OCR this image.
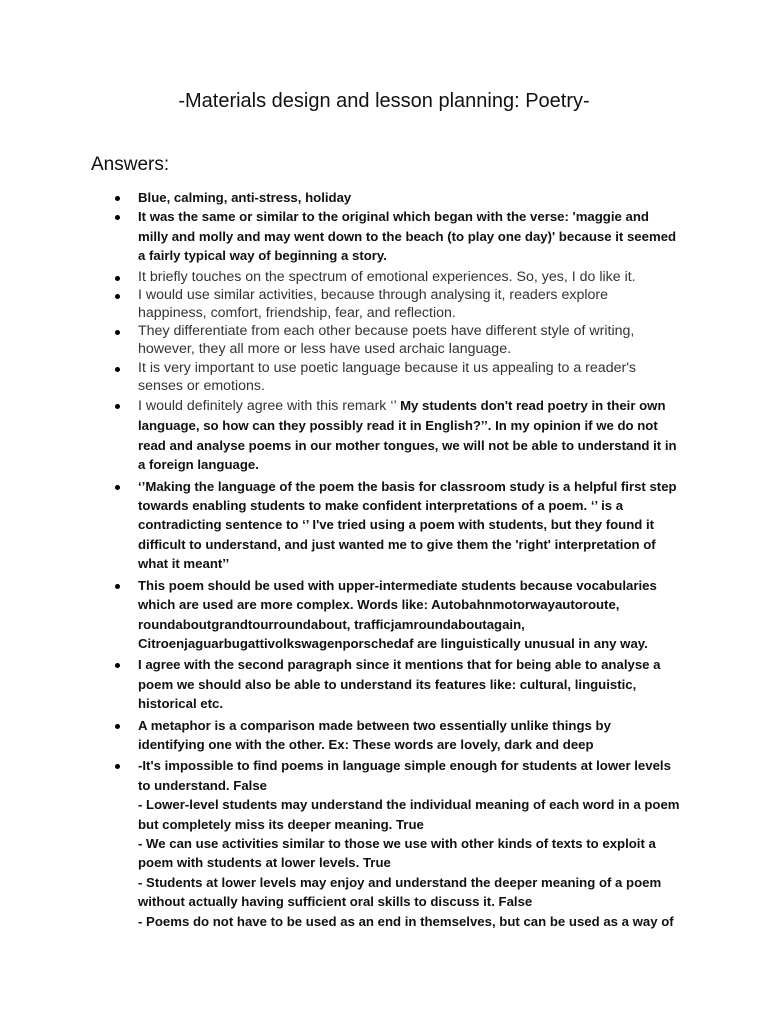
-Materials design and lesson planning: Poetry-
Answers:
Blue, calming, anti-stress, holiday
It was the same or similar to the original which began with the verse: 'maggie and milly and molly and may went down to the beach (to play one day)' because it seemed a fairly typical way of beginning a story.
It briefly touches on the spectrum of emotional experiences. So, yes, I do like it.
I would use similar activities, because through analysing it, readers explore happiness, comfort, friendship, fear, and reflection.
They differentiate from each other because poets have different style of writing, however, they all more or less have used archaic language.
It is very important to use poetic language because it us appealing to a reader's senses or emotions.
I would definitely agree with this remark ‘’ My students don't read poetry in their own language, so how can they possibly read it in English?’’. In my opinion if we do not read and analyse poems in our mother tongues, we will not be able to understand it in a foreign language.
‘’Making the language of the poem the basis for classroom study is a helpful first step towards enabling students to make confident interpretations of a poem. ‘’ is a contradicting sentence to ‘’ I've tried using a poem with students, but they found it difficult to understand, and just wanted me to give them the 'right' interpretation of what it meant’’
This poem should be used with upper-intermediate students because vocabularies which are used are more complex. Words like: Autobahnmotorwayautoroute, roundaboutgrandtourroundabout, trafficjamroundaboutagain, Citroenjaguarbugattivolkswagenporschedaf are linguistically unusual in any way.
I agree with the second paragraph since it mentions that for being able to analyse a poem we should also be able to understand its features like: cultural, linguistic, historical etc.
A metaphor is a comparison made between two essentially unlike things by identifying one with the other. Ex: These words are lovely, dark and deep
-It's impossible to find poems in language simple enough for students at lower levels to understand. False
- Lower-level students may understand the individual meaning of each word in a poem but completely miss its deeper meaning. True
- We can use activities similar to those we use with other kinds of texts to exploit a poem with students at lower levels. True
- Students at lower levels may enjoy and understand the deeper meaning of a poem without actually having sufficient oral skills to discuss it. False
- Poems do not have to be used as an end in themselves, but can be used as a way of
